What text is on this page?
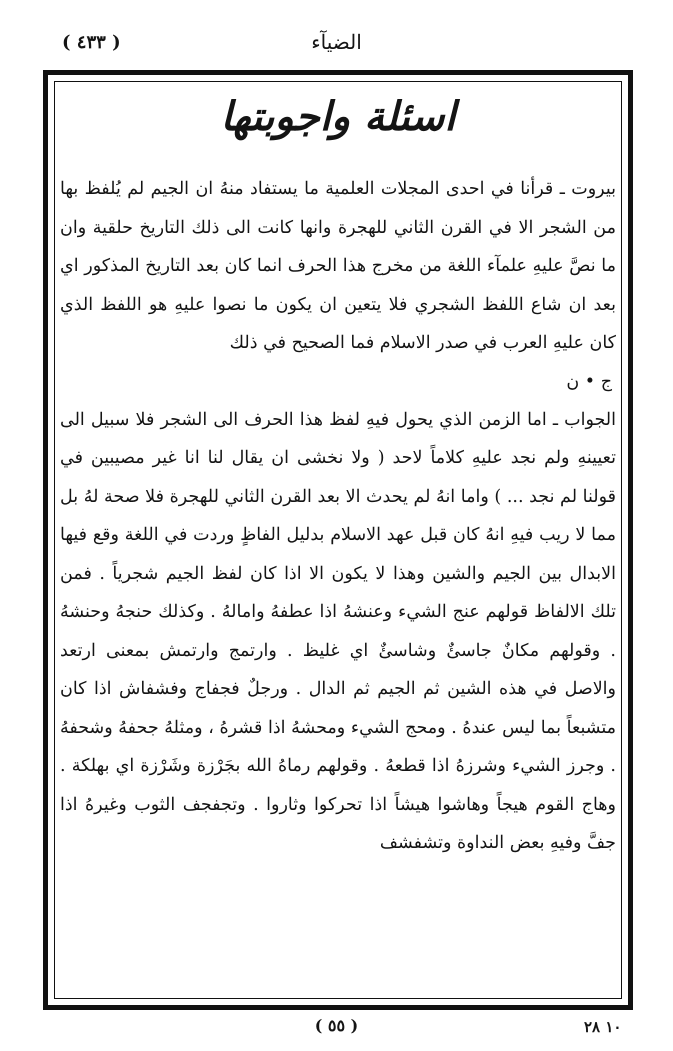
الضيآء
( ٤٣٣ )
اسئلة واجوبتها

بيروت ـ قرأنا في احدى المجلات العلمية ما يستفاد منهُ ان الجيم لم يُلفظ بها من الشجر الا في القرن الثاني للهجرة وانها كانت الى ذلك التاريخ حلقية وان ما نصَّ عليهِ علمآء اللغة من مخرج هذا الحرف انما كان بعد التاريخ المذكور اي بعد ان شاع اللفظ الشجري فلا يتعين ان يكون ما نصوا عليهِ هو اللفظ الذي كان عليهِ العرب في صدر الاسلام فما الصحيح في ذلك

ج • ن

الجواب ـ اما الزمن الذي يحول فيهِ لفظ هذا الحرف الى الشجر فلا سبيل الى تعيينهِ ولم نجد عليهِ كلاماً لاحد ( ولا نخشى ان يقال لنا انا غير مصيبين في قولنا لم نجد ... ) واما انهُ لم يحدث الا بعد القرن الثاني للهجرة فلا صحة لهُ بل مما لا ريب فيهِ انهُ كان قبل عهد الاسلام بدليل الفاظٍ وردت في اللغة وقع فيها الابدال بين الجيم والشين وهذا لا يكون الا اذا كان لفظ الجيم شجرياً . فمن تلك الالفاظ قولهم عنج الشيء وعنشهُ اذا عطفهُ وامالهُ . وكذلك حنجهُ وحنشهُ . وقولهم مكانٌ جاسئٌ وشاسئٌ اي غليظ . وارتمج وارتمش بمعنى ارتعد والاصل في هذه الشين ثم الجيم ثم الدال . ورجلٌ فجفاج وفشفاش اذا كان متشبعاً بما ليس عندهُ . ومحج الشيء ومحشهُ اذا قشرهُ ، ومثلهُ جحفهُ وشحفهُ . وجرز الشيء وشرزهُ اذا قطعهُ . وقولهم رماهُ الله بجَرْزة وشَرْزة اي بهلكة . وهاج القوم هيجاً وهاشوا هيشاً اذا تحركوا وثاروا . وتجفجف الثوب وغيرهُ اذا جفَّ وفيهِ بعض النداوة وتشفشف

( ٥٥ )	١٠ ٢٨
